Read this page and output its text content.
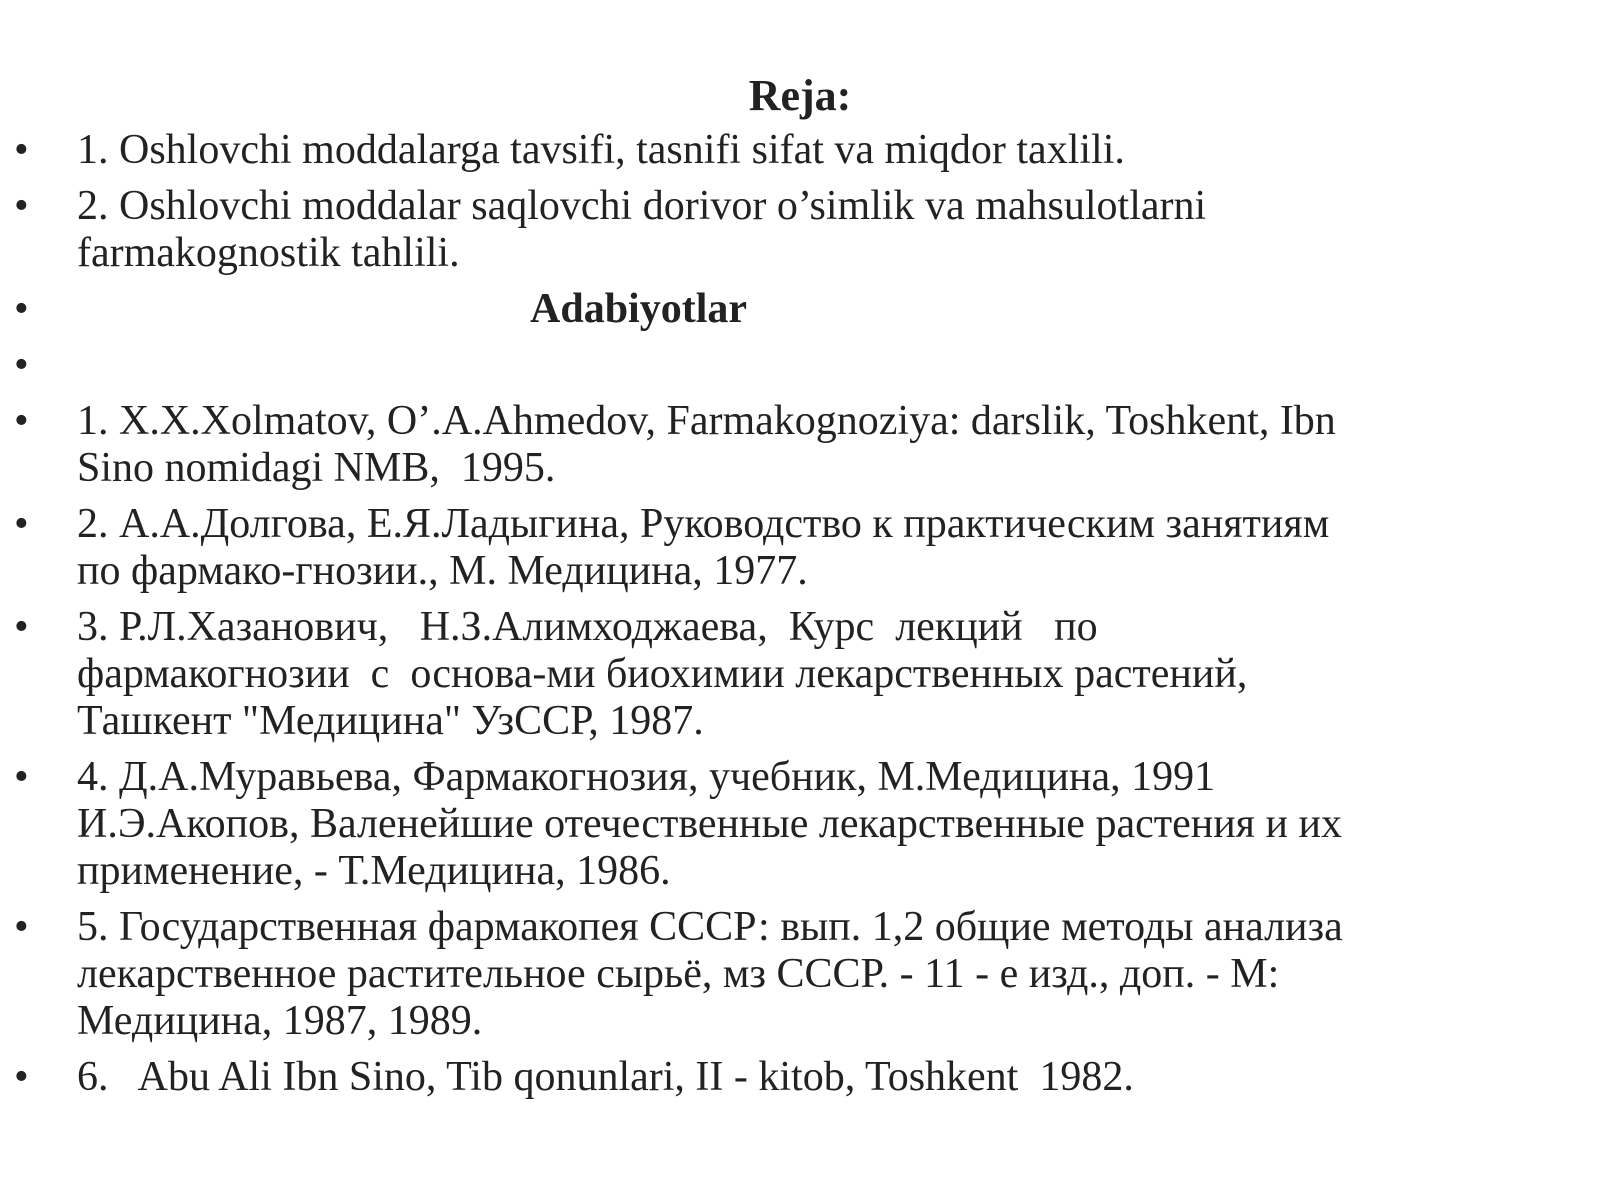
Reja:
• 1. Oshlovchi moddalarga tavsifi, tasnifi sifat va miqdor taxlili.
• 2. Oshlovchi moddalar saqlovchi dorivor o’simlik va mahsulotlarni
farmakognostik tahlili.
•	Adabiyotlar
•
• 1. X.X.Xolmatov, O’.A.Ahmedov, Farmakognoziya: darslik, Toshkent, Ibn
Sino nomidagi NMB,  1995.
• 2. А.А.Долгова, Е.Я.Ладыгина, Руководство к практическим занятиям
по фармако-гнозии., М. Медицина, 1977.
• 3. Р.Л.Хазанович,   Н.З.Алимходжаева,  Курс  лекций   по
фармакогнозии  с  основа-ми биохимии лекарственных растений,
Ташкент "Медицина" УзССР, 1987.
• 4. Д.А.Муравьева, Фармакогнозия, учебник, М.Медицина, 1991
И.Э.Акопов, Валенейшие отечественные лекарственные растения и их
применение, - Т.Медицина, 1986.
• 5. Государственная фармакопея СССР: вып. 1,2 общие методы анализа
лекарственное растительное сырьё, мз СССР. - 11 - е изд., доп. - М:
Медицина, 1987, 1989.
• 6.   Abu Ali Ibn Sino, Tib qonunlari, II - kitob, Toshkent  1982.
